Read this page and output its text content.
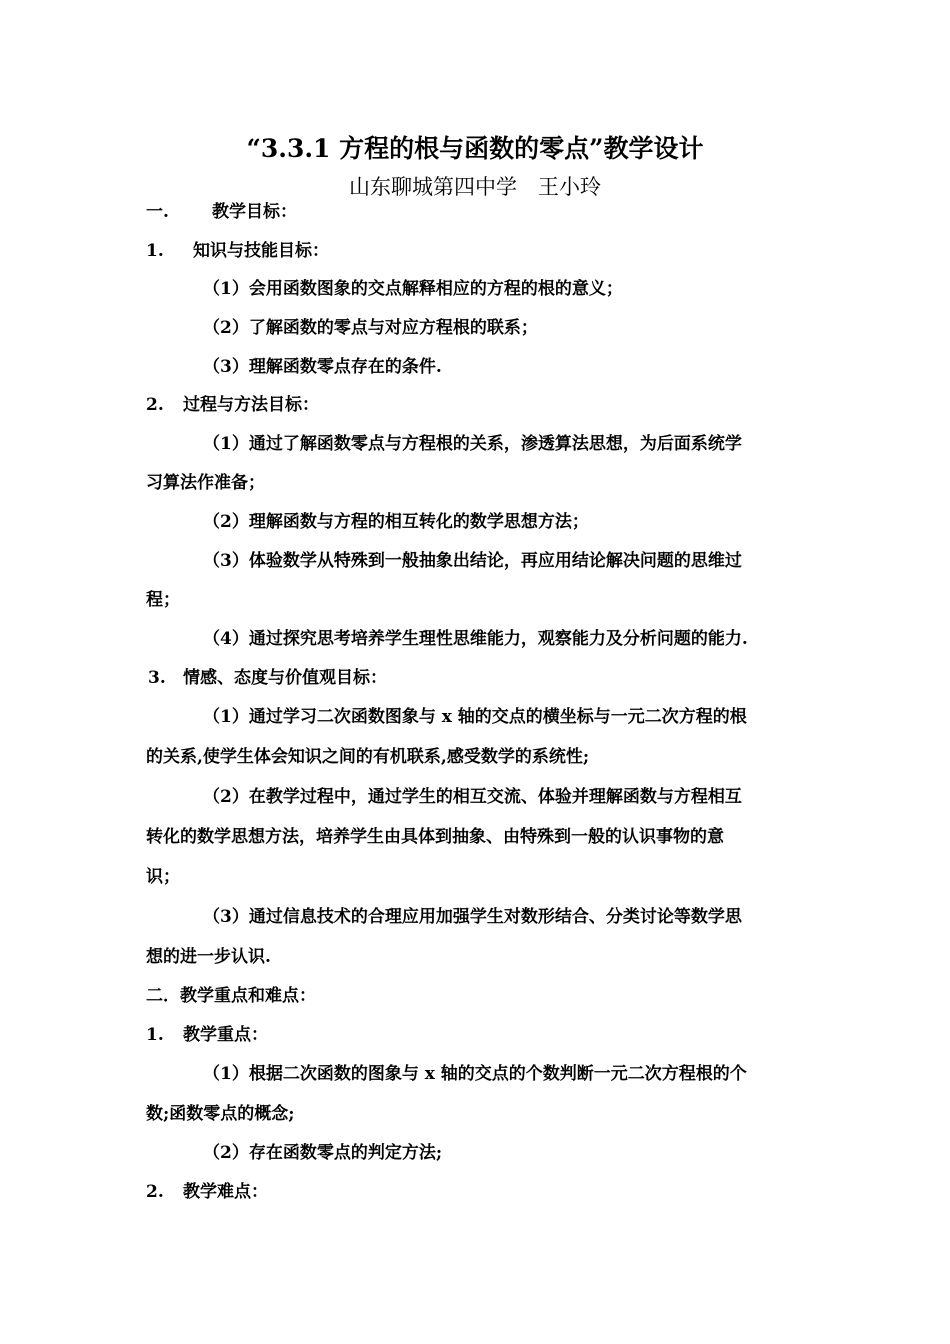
“3.3.1 方程的根与函数的零点”教学设计
山东聊城第四中学　王小玲
一.	教学目标：
1. 知识与技能目标：
（1）会用函数图象的交点解释相应的方程的根的意义；
（2）了解函数的零点与对应方程根的联系；
（3）理解函数零点存在的条件.
2. 过程与方法目标：
（1）通过了解函数零点与方程根的关系，渗透算法思想，为后面系统学
习算法作准备；
（2）理解函数与方程的相互转化的数学思想方法；
（3）体验数学从特殊到一般抽象出结论，再应用结论解决问题的思维过
程；
（4）通过探究思考培养学生理性思维能力，观察能力及分析问题的能力.
3. 情感、态度与价值观目标：
（1）通过学习二次函数图象与 x 轴的交点的横坐标与一元二次方程的根
的关系,使学生体会知识之间的有机联系,感受数学的系统性;
（2）在教学过程中，通过学生的相互交流、体验并理解函数与方程相互
转化的数学思想方法，培养学生由具体到抽象、由特殊到一般的认识事物的意
识；
（3）通过信息技术的合理应用加强学生对数形结合、分类讨论等数学思
想的进一步认识.
二．教学重点和难点：
1. 教学重点：
（1）根据二次函数的图象与 x 轴的交点的个数判断一元二次方程根的个
数;函数零点的概念;
（2）存在函数零点的判定方法;
2. 教学难点：
